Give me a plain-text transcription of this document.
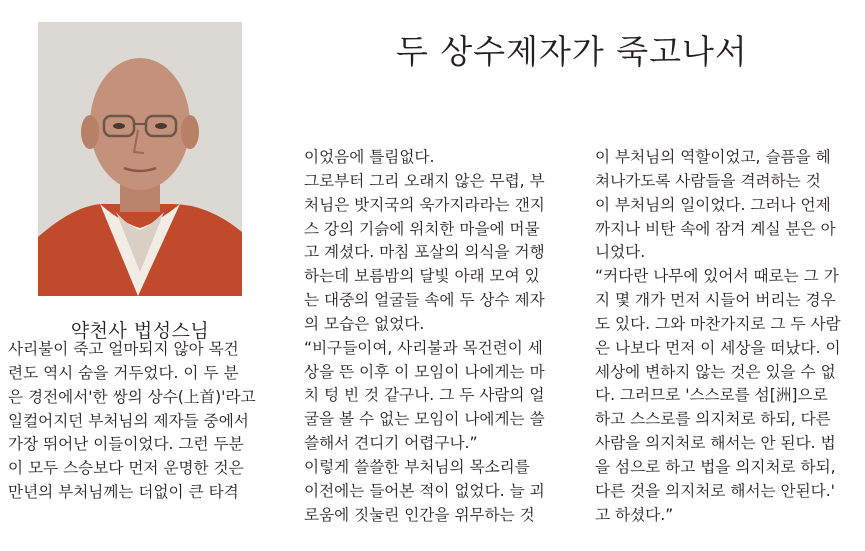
약천사 법성스님
두 상수제자가 죽고나서
사리불이 죽고 얼마되지 않아 목건
련도 역시 숨을 거두었다. 이 두 분
은 경전에서'한 쌍의 상수(上首)'라고
일컬어지던 부처님의 제자들 중에서
가장 뛰어난 이들이었다. 그런 두분
이 모두 스승보다 먼저 운명한 것은
만년의 부처님께는 더없이 큰 타격
이었음에 틀림없다.
그로부터 그리 오래지 않은 무렵, 부
처님은 밧지국의 욱가지라라는 갠지
스 강의 기슭에 위치한 마을에 머물
고 계셨다. 마침 포살의 의식을 거행
하는데 보름밤의 달빛 아래 모여 있
는 대중의 얼굴들 속에 두 상수 제자
의 모습은 없었다.
“비구들이여, 사리불과 목건련이 세
상을 뜬 이후 이 모임이 나에게는 마
치 텅 빈 것 같구나. 그 두 사람의 얼
굴을 볼 수 없는 모임이 나에게는 쓸
쓸해서 견디기 어렵구나.”
이렇게 쓸쓸한 부처님의 목소리를
이전에는 들어본 적이 없었다. 늘 괴
로움에 짓눌린 인간을 위무하는 것
이 부처님의 역할이었고, 슬픔을 헤
쳐나가도록 사람들을 격려하는 것
이 부처님의 일이었다. 그러나 언제
까지나 비탄 속에 잠겨 계실 분은 아
니었다.
“커다란 나무에 있어서 때로는 그 가
지 몇 개가 먼저 시들어 버리는 경우
도 있다. 그와 마찬가지로 그 두 사람
은 나보다 먼저 이 세상을 떠났다. 이
세상에 변하지 않는 것은 있을 수 없
다. 그러므로 '스스로를 섬[洲]으로
하고 스스로를 의지처로 하되, 다른
사람을 의지처로 해서는 안 된다. 법
을 섬으로 하고 법을 의지처로 하되,
다른 것을 의지처로 해서는 안된다.'
고 하셨다.”
